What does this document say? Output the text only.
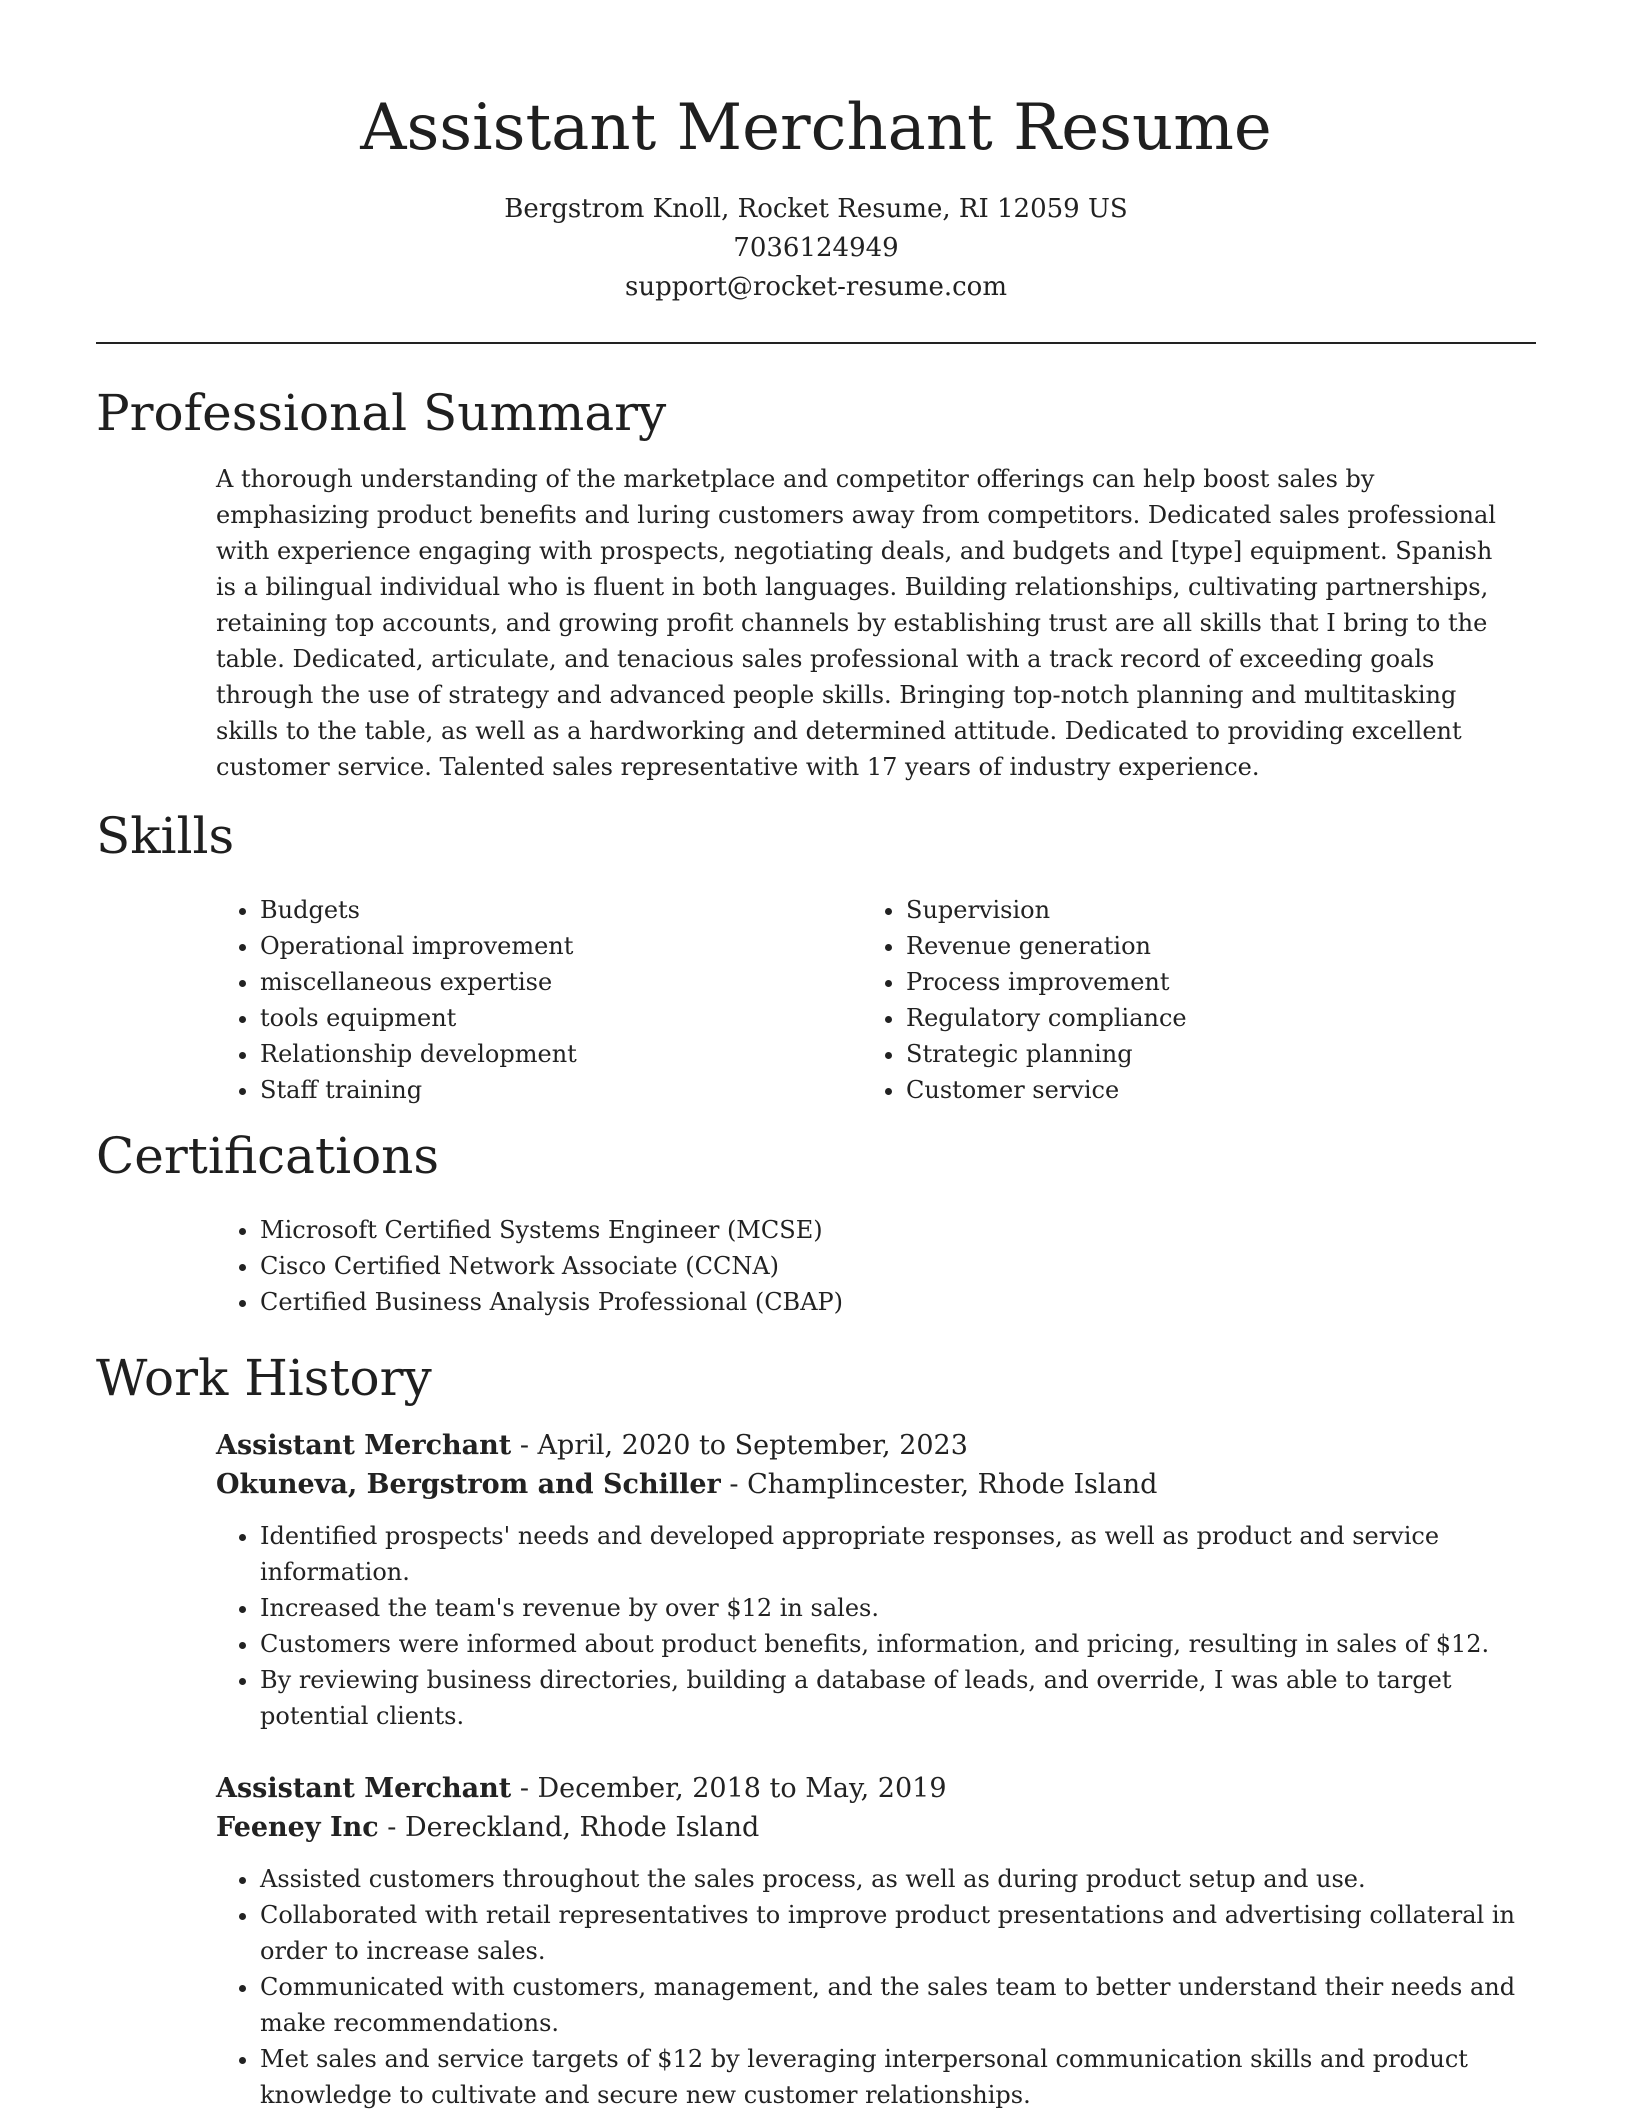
Assistant Merchant Resume
Bergstrom Knoll, Rocket Resume, RI 12059 US
7036124949
support@rocket-resume.com
Professional Summary

A thorough understanding of the marketplace and competitor offerings can help boost sales by emphasizing product benefits and luring customers away from competitors. Dedicated sales professional with experience engaging with prospects, negotiating deals, and budgets and [type] equipment. Spanish is a bilingual individual who is fluent in both languages. Building relationships, cultivating partnerships, retaining top accounts, and growing profit channels by establishing trust are all skills that I bring to the table. Dedicated, articulate, and tenacious sales professional with a track record of exceeding goals through the use of strategy and advanced people skills. Bringing top-notch planning and multitasking skills to the table, as well as a hardworking and determined attitude. Dedicated to providing excellent customer service. Talented sales representative with 17 years of industry experience.

Skills
• Budgets
• Operational improvement
• miscellaneous expertise
• tools equipment
• Relationship development
• Staff training
• Supervision
• Revenue generation
• Process improvement
• Regulatory compliance
• Strategic planning
• Customer service
Certifications
• Microsoft Certified Systems Engineer (MCSE)
• Cisco Certified Network Associate (CCNA)
• Certified Business Analysis Professional (CBAP)
Work History
Assistant Merchant - April, 2020 to September, 2023
Okuneva, Bergstrom and Schiller - Champlincester, Rhode Island
• Identified prospects' needs and developed appropriate responses, as well as product and service information.
• Increased the team's revenue by over $12 in sales.
• Customers were informed about product benefits, information, and pricing, resulting in sales of $12.
• By reviewing business directories, building a database of leads, and override, I was able to target potential clients.
Assistant Merchant - December, 2018 to May, 2019
Feeney Inc - Dereckland, Rhode Island
• Assisted customers throughout the sales process, as well as during product setup and use.
• Collaborated with retail representatives to improve product presentations and advertising collateral in order to increase sales.
• Communicated with customers, management, and the sales team to better understand their needs and make recommendations.
• Met sales and service targets of $12 by leveraging interpersonal communication skills and product knowledge to cultivate and secure new customer relationships.
